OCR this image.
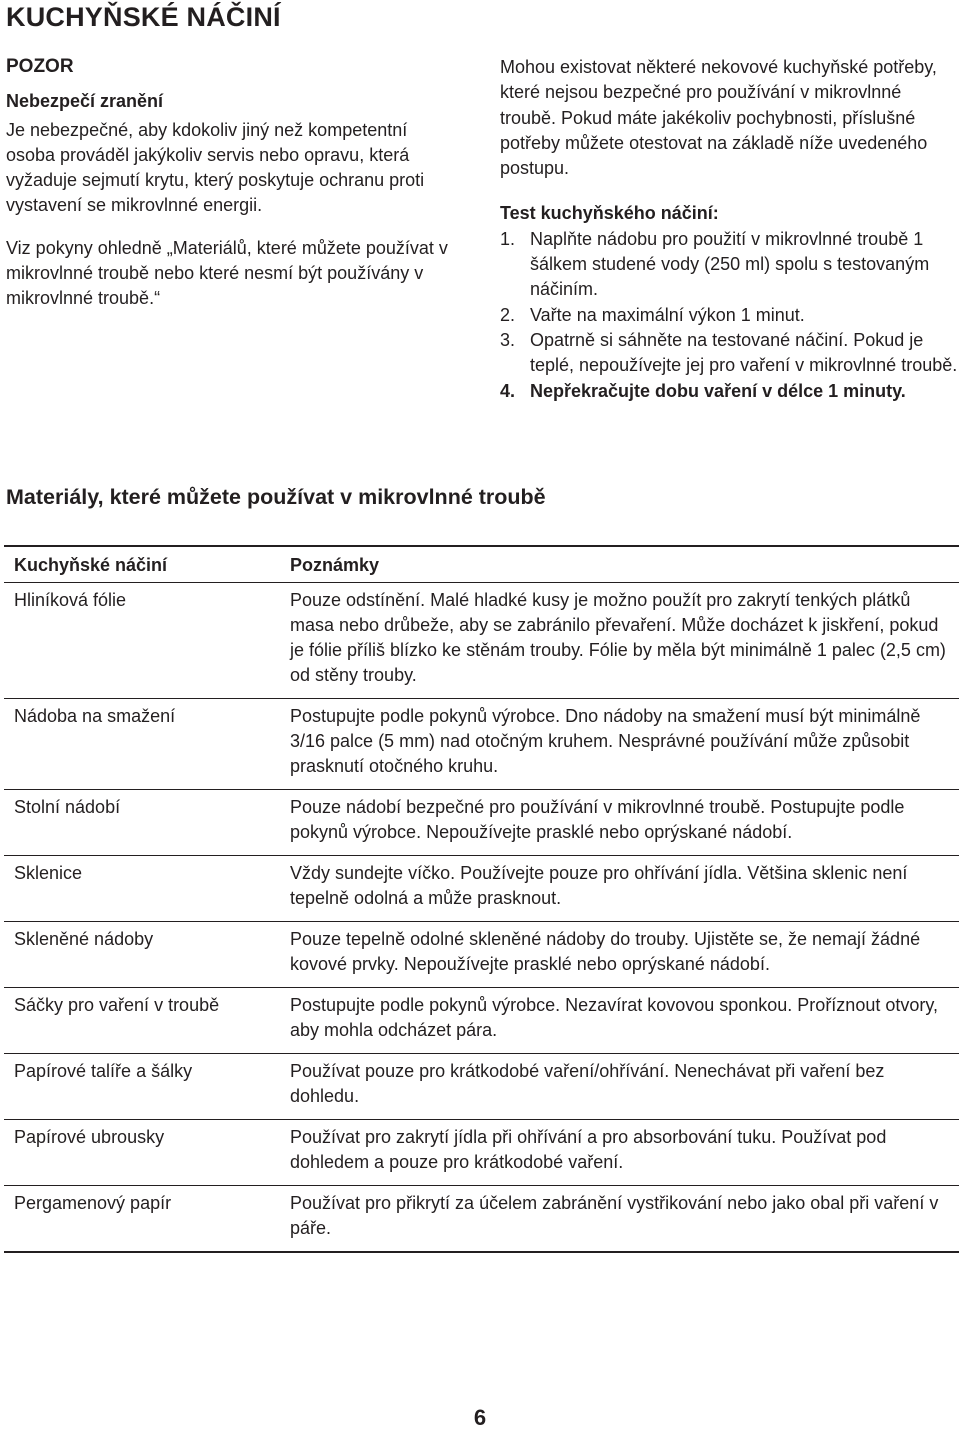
KUCHYŇSKÉ NÁČINÍ

POZOR

Nebezpečí zranění

Je nebezpečné, aby kdokoliv jiný než kompetentní osoba prováděl jakýkoliv servis nebo opravu, která vyžaduje sejmutí krytu, který poskytuje ochranu proti vystavení se mikrovlnné energii.

Viz pokyny ohledně „Materiálů, které můžete používat v mikrovlnné troubě nebo které nesmí být používány v mikrovlnné troubě.“

Mohou existovat některé nekovové kuchyňské potřeby, které nejsou bezpečné pro používání v mikrovlnné troubě. Pokud máte jakékoliv pochybnosti, příslušné potřeby můžete otestovat na základě níže uvedeného postupu.

Test kuchyňského náčiní:

1. Naplňte nádobu pro použití v mikrovlnné troubě 1 šálkem studené vody (250 ml) spolu s testovaným náčiním.
2. Vařte na maximální výkon 1 minut.
3. Opatrně si sáhněte na testované náčiní. Pokud je teplé, nepoužívejte jej pro vaření v mikrovlnné troubě.
4. Nepřekračujte dobu vaření v délce 1 minuty.
Materiály, které můžete používat v mikrovlnné troubě
Kuchyňské náčiní	Poznámky
Hliníková fólie	Pouze odstínění. Malé hladké kusy je možno použít pro zakrytí tenkých plátků masa nebo drůbeže, aby se zabránilo převaření. Může docházet k jiskření, pokud je fólie příliš blízko ke stěnám trouby. Fólie by měla být minimálně 1 palec (2,5 cm) od stěny trouby.
Nádoba na smažení	Postupujte podle pokynů výrobce. Dno nádoby na smažení musí být minimálně 3/16 palce (5 mm) nad otočným kruhem. Nesprávné používání může způsobit prasknutí otočného kruhu.
Stolní nádobí	Pouze nádobí bezpečné pro používání v mikrovlnné troubě. Postupujte podle pokynů výrobce. Nepoužívejte prasklé nebo oprýskané nádobí.
Sklenice	Vždy sundejte víčko. Používejte pouze pro ohřívání jídla. Většina sklenic není tepelně odolná a může prasknout.
Skleněné nádoby	Pouze tepelně odolné skleněné nádoby do trouby. Ujistěte se, že nemají žádné kovové prvky. Nepoužívejte prasklé nebo oprýskané nádobí.
Sáčky pro vaření v troubě	Postupujte podle pokynů výrobce. Nezavírat kovovou sponkou. Proříznout otvory, aby mohla odcházet pára.
Papírové talíře a šálky	Používat pouze pro krátkodobé vaření/ohřívání. Nenechávat při vaření bez dohledu.
Papírové ubrousky	Používat pro zakrytí jídla při ohřívání a pro absorbování tuku. Používat pod dohledem a pouze pro krátkodobé vaření.
Pergamenový papír	Používat pro přikrytí za účelem zabránění vystřikování nebo jako obal při vaření v páře.
6
